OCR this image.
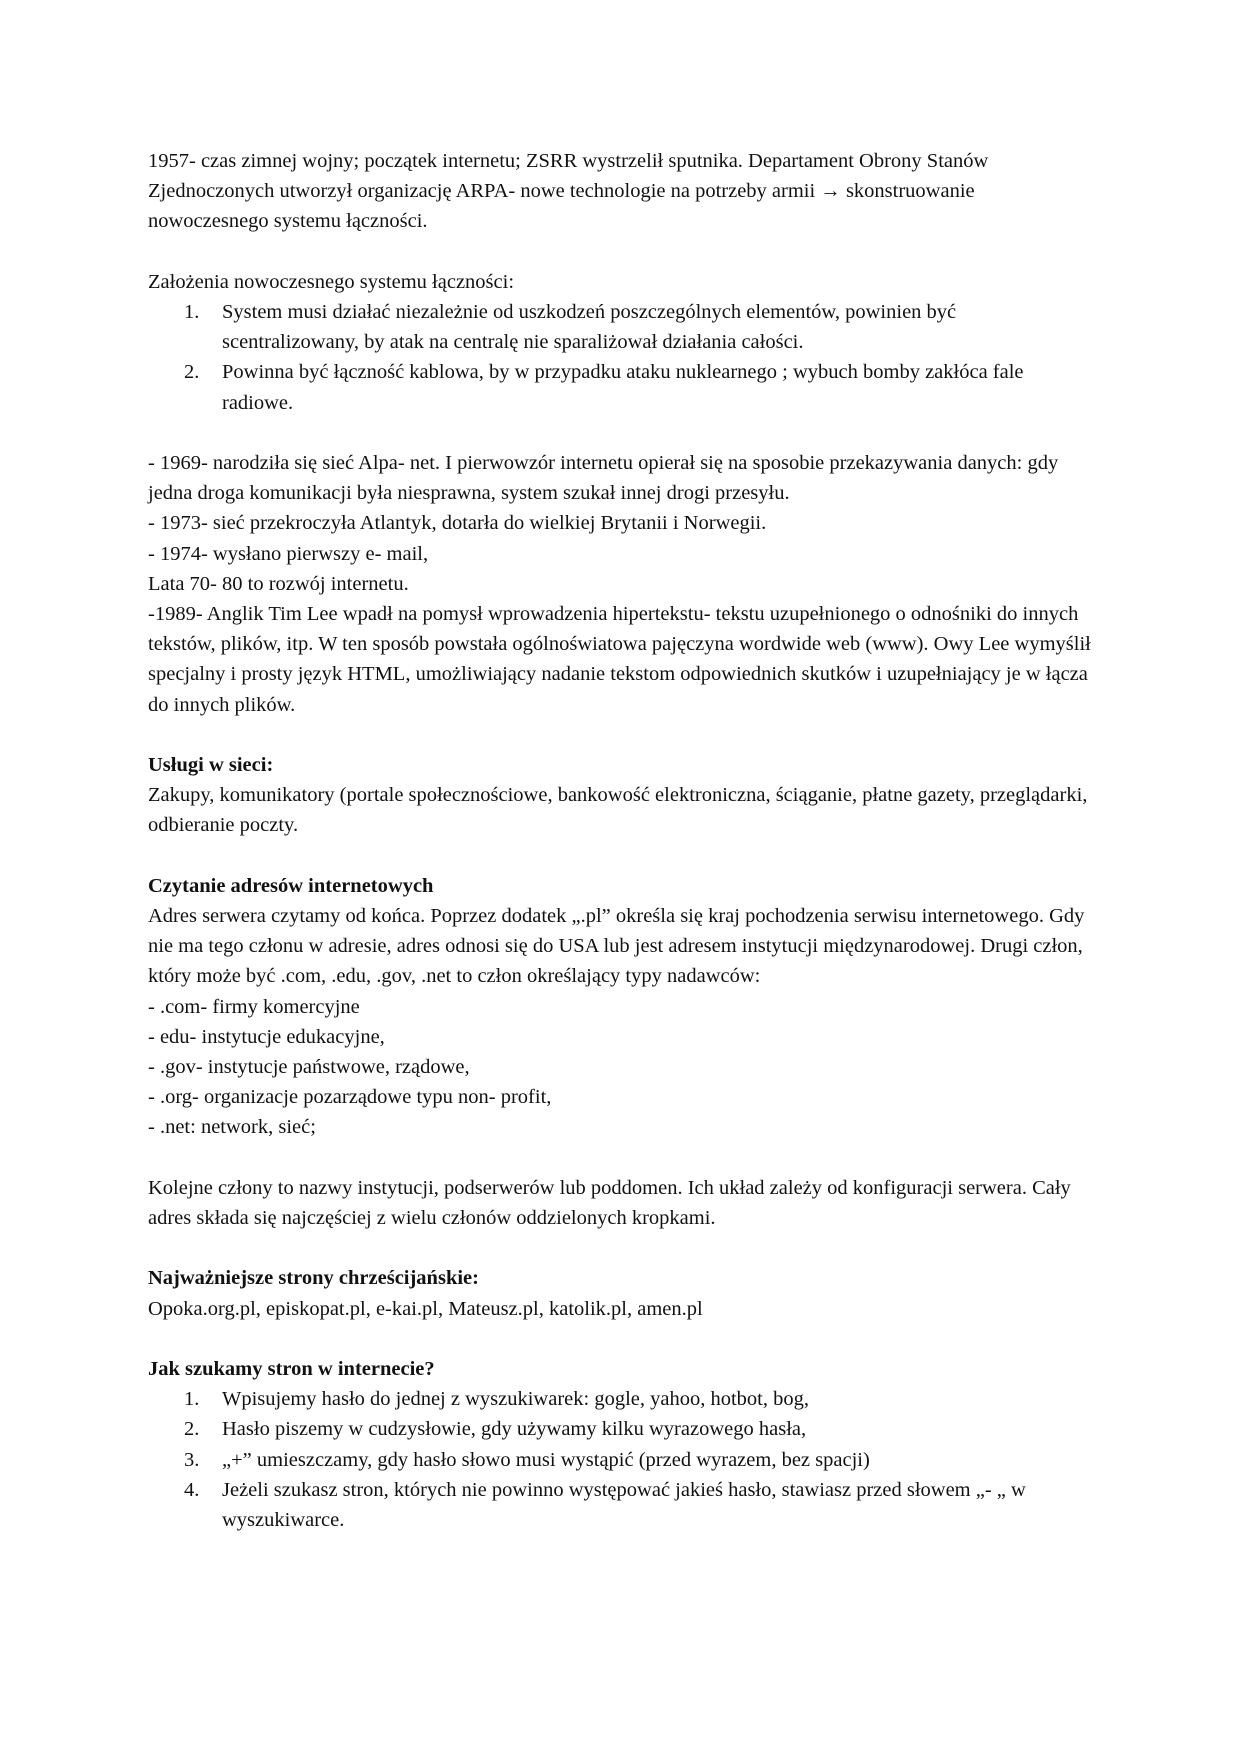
1957- czas zimnej wojny; początek internetu; ZSRR wystrzelił sputnika. Departament Obrony Stanów Zjednoczonych utworzył organizację ARPA- nowe technologie na potrzeby armii → skonstruowanie nowoczesnego systemu łączności.

Założenia nowoczesnego systemu łączności:

1. System musi działać niezależnie od uszkodzeń poszczególnych elementów, powinien być scentralizowany, by atak na centralę nie sparaliżował działania całości.
2. Powinna być łączność kablowa, by w przypadku ataku nuklearnego ; wybuch bomby zakłóca fale radiowe.
- 1969- narodziła się sieć Alpa- net. I pierwowzór internetu opierał się na sposobie przekazywania danych: gdy jedna droga komunikacji była niesprawna, system szukał innej drogi przesyłu.
- 1973- sieć przekroczyła Atlantyk, dotarła do wielkiej Brytanii i Norwegii.
- 1974- wysłano pierwszy e- mail,
Lata 70- 80 to rozwój internetu.
-1989- Anglik Tim Lee wpadł na pomysł wprowadzenia hipertekstu- tekstu uzupełnionego o odnośniki do innych tekstów, plików, itp. W ten sposób powstała ogólnoświatowa pajęczyna wordwide web (www). Owy Lee wymyślił specjalny i prosty język HTML, umożliwiający nadanie tekstom odpowiednich skutków i uzupełniający je w łącza do innych plików.

Usługi w sieci:

Zakupy, komunikatory (portale społecznościowe, bankowość elektroniczna, ściąganie, płatne gazety, przeglądarki, odbieranie poczty.

Czytanie adresów internetowych

Adres serwera czytamy od końca. Poprzez dodatek „.pl” określa się kraj pochodzenia serwisu internetowego. Gdy nie ma tego członu w adresie, adres odnosi się do USA lub jest adresem instytucji międzynarodowej. Drugi człon, który może być .com, .edu, .gov, .net to człon określający typy nadawców:

- .com- firmy komercyjne
- edu- instytucje edukacyjne,
- .gov- instytucje państwowe, rządowe,
- .org- organizacje pozarządowe typu non- profit,
- .net: network, sieć;

Kolejne człony to nazwy instytucji, podserwerów lub poddomen. Ich układ zależy od konfiguracji serwera. Cały adres składa się najczęściej z wielu członów oddzielonych kropkami.

Najważniejsze strony chrześcijańskie:

Opoka.org.pl, episkopat.pl, e-kai.pl, Mateusz.pl, katolik.pl, amen.pl

Jak szukamy stron w internecie?

1. Wpisujemy hasło do jednej z wyszukiwarek: gogle, yahoo, hotbot, bog,
2. Hasło piszemy w cudzysłowie, gdy używamy kilku wyrazowego hasła,
3. „+” umieszczamy, gdy hasło słowo musi wystąpić (przed wyrazem, bez spacji)
4. Jeżeli szukasz stron, których nie powinno występować jakieś hasło, stawiasz przed słowem „- „ w wyszukiwarce.
